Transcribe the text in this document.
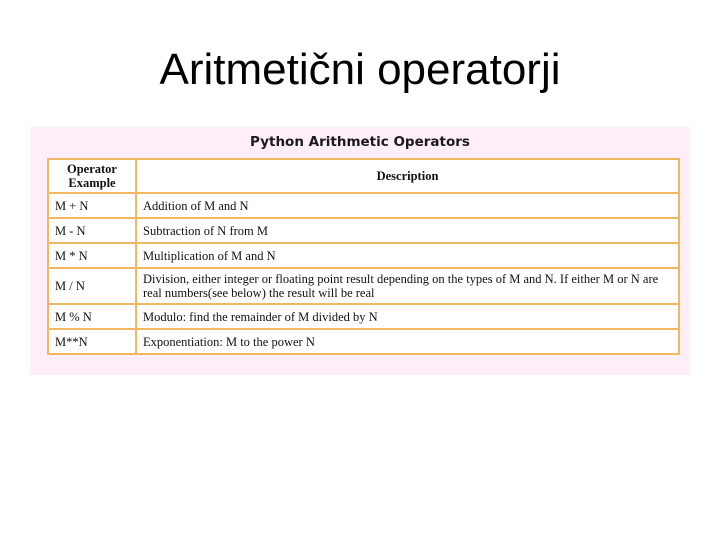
Aritmetični operatorji
Python Arithmetic Operators
Operator
Example	Description
M + N	Addition of M and N
M - N	Subtraction of N from M
M * N	Multiplication of M and N
M / N	Division, either integer or floating point result depending on the types of M and N. If either M or N are real numbers(see below) the result will be real
M % N	Modulo: find the remainder of M divided by N
M**N	Exponentiation: M to the power N
